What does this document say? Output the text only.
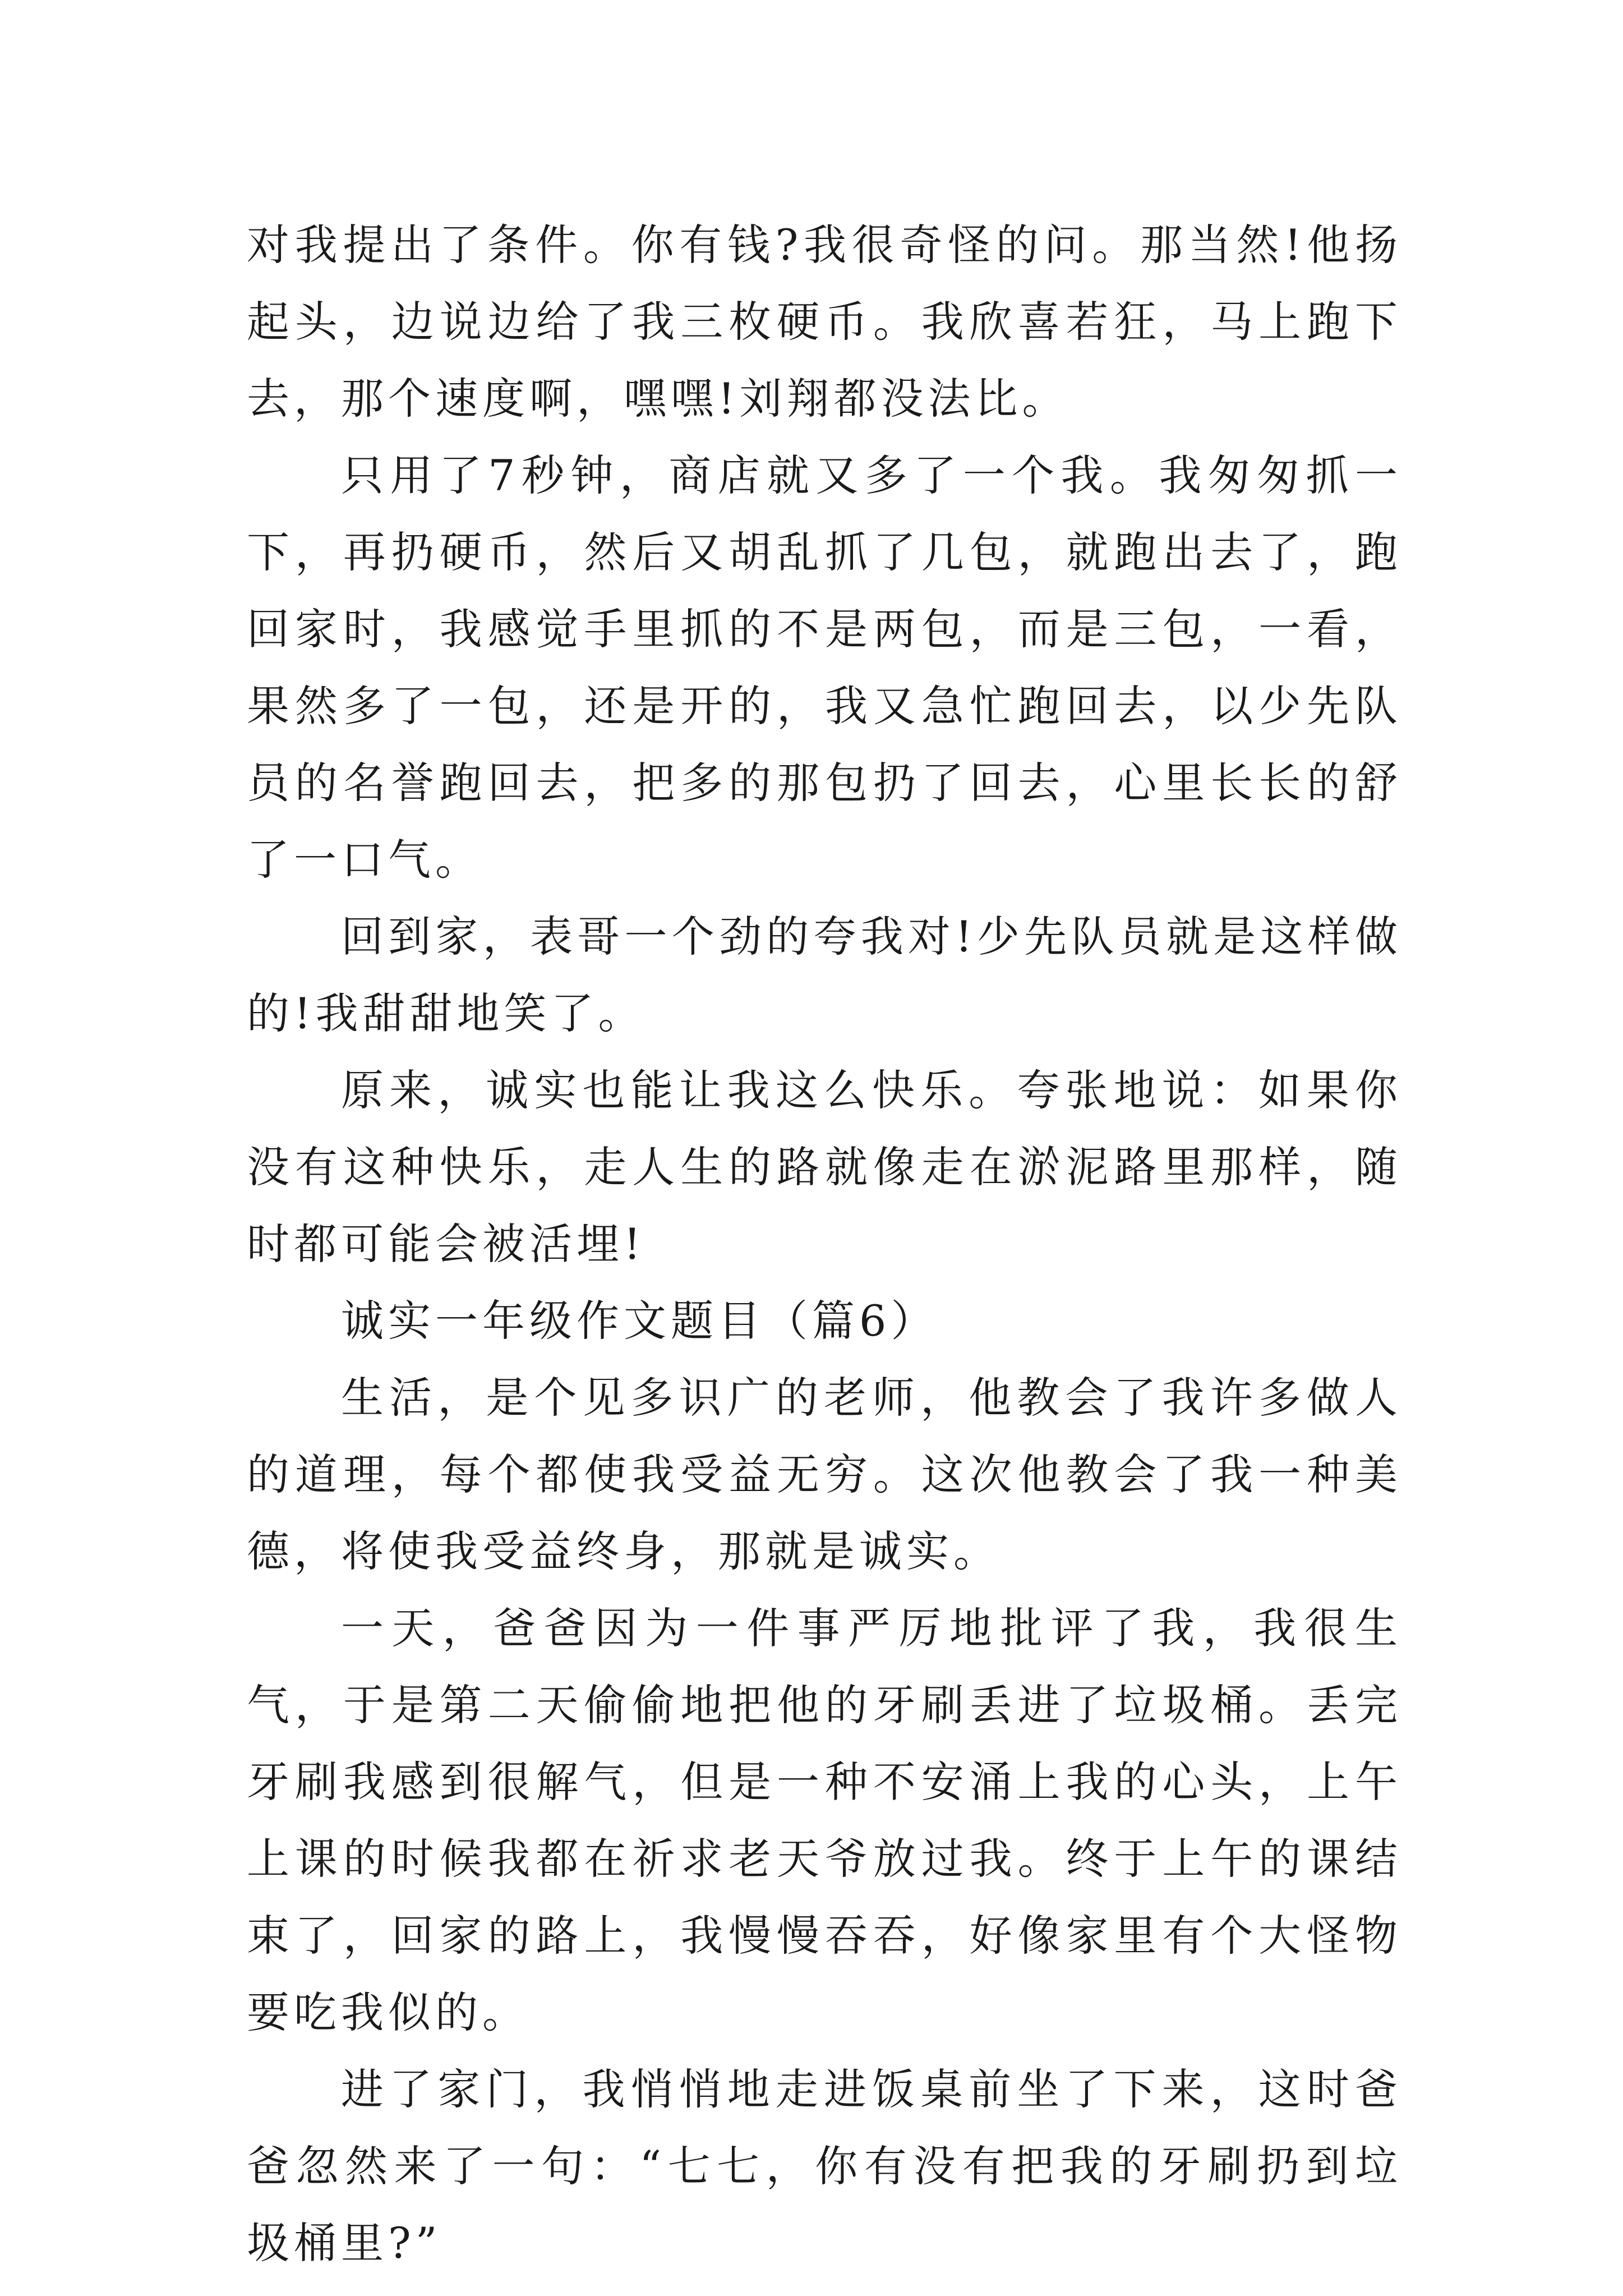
对我提出了条件。你有钱?我很奇怪的问。那当然!他扬起头，边说边给了我三枚硬币。我欣喜若狂，马上跑下去，那个速度啊，嘿嘿!刘翔都没法比。

只用了7秒钟，商店就又多了一个我。我匆匆抓一下，再扔硬币，然后又胡乱抓了几包，就跑出去了，跑回家时，我感觉手里抓的不是两包，而是三包，一看，果然多了一包，还是开的，我又急忙跑回去，以少先队员的名誉跑回去，把多的那包扔了回去，心里长长的舒了一口气。

回到家，表哥一个劲的夸我对!少先队员就是这样做的!我甜甜地笑了。

原来，诚实也能让我这么快乐。夸张地说：如果你没有这种快乐，走人生的路就像走在淤泥路里那样，随时都可能会被活埋!

诚实一年级作文题目（篇6）

生活，是个见多识广的老师，他教会了我许多做人的道理，每个都使我受益无穷。这次他教会了我一种美德，将使我受益终身，那就是诚实。

一天，爸爸因为一件事严厉地批评了我，我很生气，于是第二天偷偷地把他的牙刷丢进了垃圾桶。丢完牙刷我感到很解气，但是一种不安涌上我的心头，上午上课的时候我都在祈求老天爷放过我。终于上午的课结束了，回家的路上，我慢慢吞吞，好像家里有个大怪物要吃我似的。

进了家门，我悄悄地走进饭桌前坐了下来，这时爸爸忽然来了一句：“七七，你有没有把我的牙刷扔到垃圾桶里?”
